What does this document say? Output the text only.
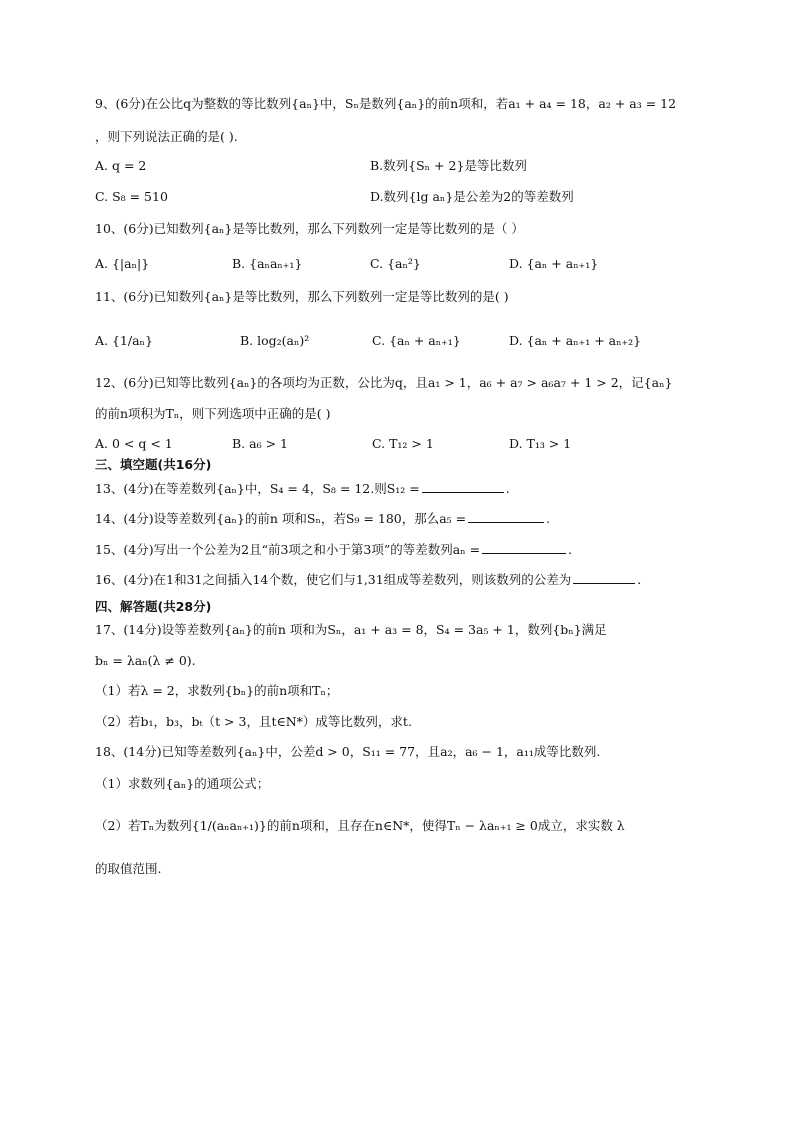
9、(6分)在公比q为整数的等比数列{aₙ}中，Sₙ是数列{aₙ}的前n项和，若a₁ + a₄ = 18，a₂ + a₃ = 12
，则下列说法正确的是( ).
A. q = 2	B.数列{Sₙ + 2}是等比数列
C. S₈ = 510	D.数列{lg aₙ}是公差为2的等差数列
10、(6分)已知数列{aₙ}是等比数列，那么下列数列一定是等比数列的是（ ）
A. {|aₙ|}	B. {aₙaₙ₊₁}	C. {aₙ²}	D. {aₙ + aₙ₊₁}
11、(6分)已知数列{aₙ}是等比数列，那么下列数列一定是等比数列的是( )
A. {1/aₙ}	B. log₂(aₙ)²	C. {aₙ + aₙ₊₁}	D. {aₙ + aₙ₊₁ + aₙ₊₂}
12、(6分)已知等比数列{aₙ}的各项均为正数，公比为q，且a₁ > 1，a₆ + a₇ > a₆a₇ + 1 > 2，记{aₙ}
的前n项积为Tₙ，则下列选项中正确的是( )
A. 0 < q < 1	B. a₆ > 1	C. T₁₂ > 1	D. T₁₃ > 1
三、填空题(共16分)
13、(4分)在等差数列{aₙ}中，S₄ = 4，S₈ = 12.则S₁₂ =	.
14、(4分)设等差数列{aₙ}的前n 项和Sₙ，若S₉ = 180，那么a₅ =	.
15、(4分)写出一个公差为2且“前3项之和小于第3项”的等差数列aₙ =	.
16、(4分)在1和31之间插入14个数，使它们与1,31组成等差数列，则该数列的公差为	.
四、解答题(共28分)
17、(14分)设等差数列{aₙ}的前n 项和为Sₙ，a₁ + a₃ = 8，S₄ = 3a₅ + 1，数列{bₙ}满足
bₙ = λaₙ(λ ≠ 0).
（1）若λ = 2，求数列{bₙ}的前n项和Tₙ；
（2）若b₁，b₃，bₜ（t > 3，且t∈N*）成等比数列，求t.
18、(14分)已知等差数列{aₙ}中，公差d > 0，S₁₁ = 77，且a₂，a₆ − 1，a₁₁成等比数列.
（1）求数列{aₙ}的通项公式；
（2）若Tₙ为数列{1/(aₙaₙ₊₁)}的前n项和，且存在n∈N*，使得Tₙ − λaₙ₊₁ ≥ 0成立，求实数 λ
的取值范围.
